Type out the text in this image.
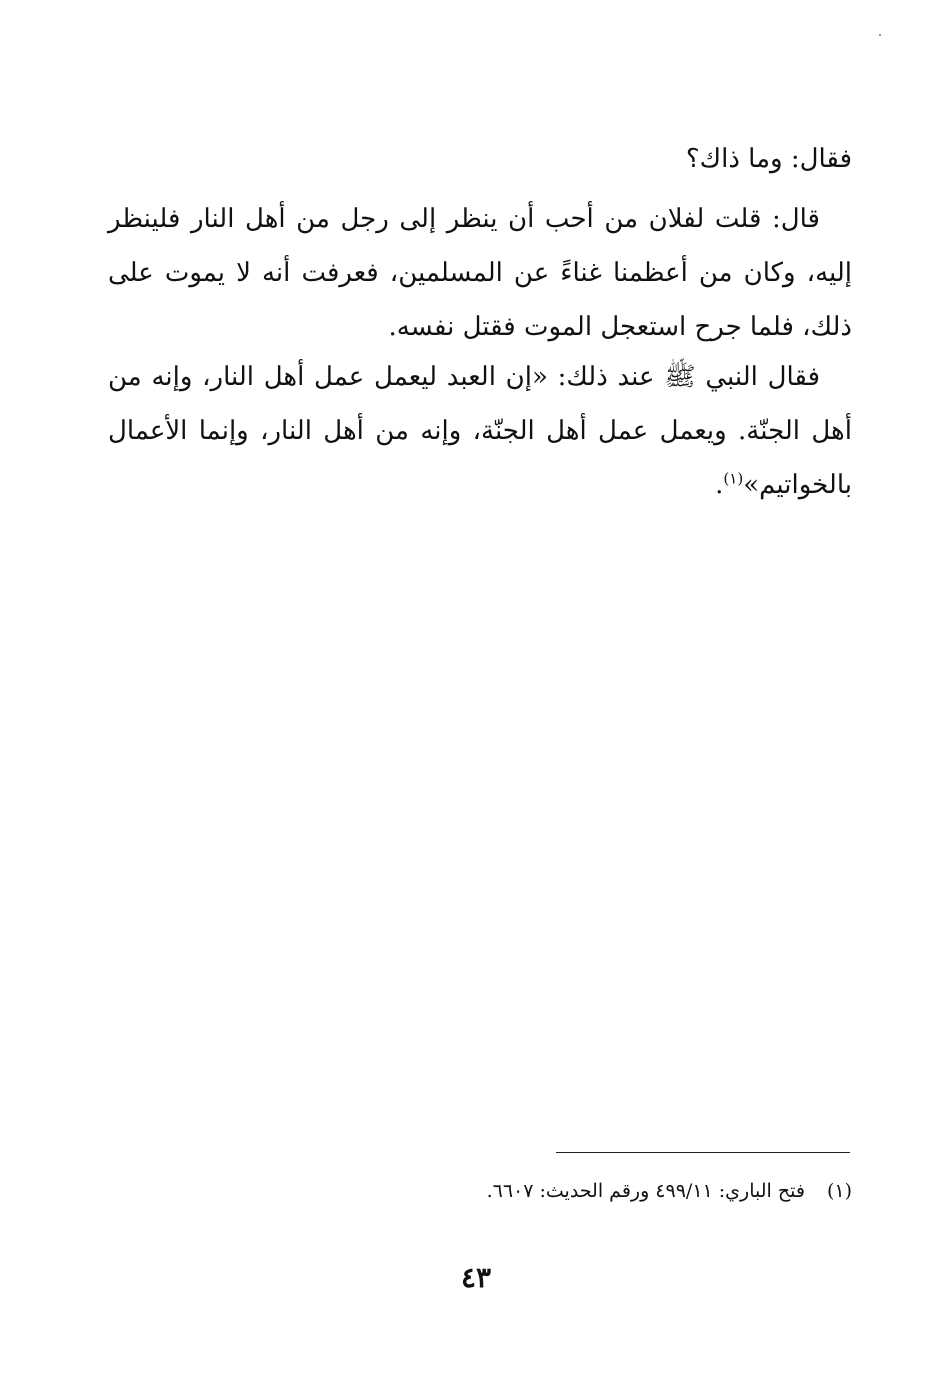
فقال: وما ذاك؟

قال: قلت لفلان من أحب أن ينظر إلى رجل من أهل النار فلينظر إليه، وكان من أعظمنا غناءً عن المسلمين، فعرفت أنه لا يموت على ذلك، فلما جرح استعجل الموت فقتل نفسه.

فقال النبي ﷺ عند ذلك: «إن العبد ليعمل عمل أهل النار، وإنه من أهل الجنّة. ويعمل عمل أهل الجنّة، وإنه من أهل النار، وإنما الأعمال بالخواتيم»$^{(١)}$.

(١)فتح الباري: ٤٩٩/١١ ورقم الحديث: ٦٦٠٧.
٤٣
